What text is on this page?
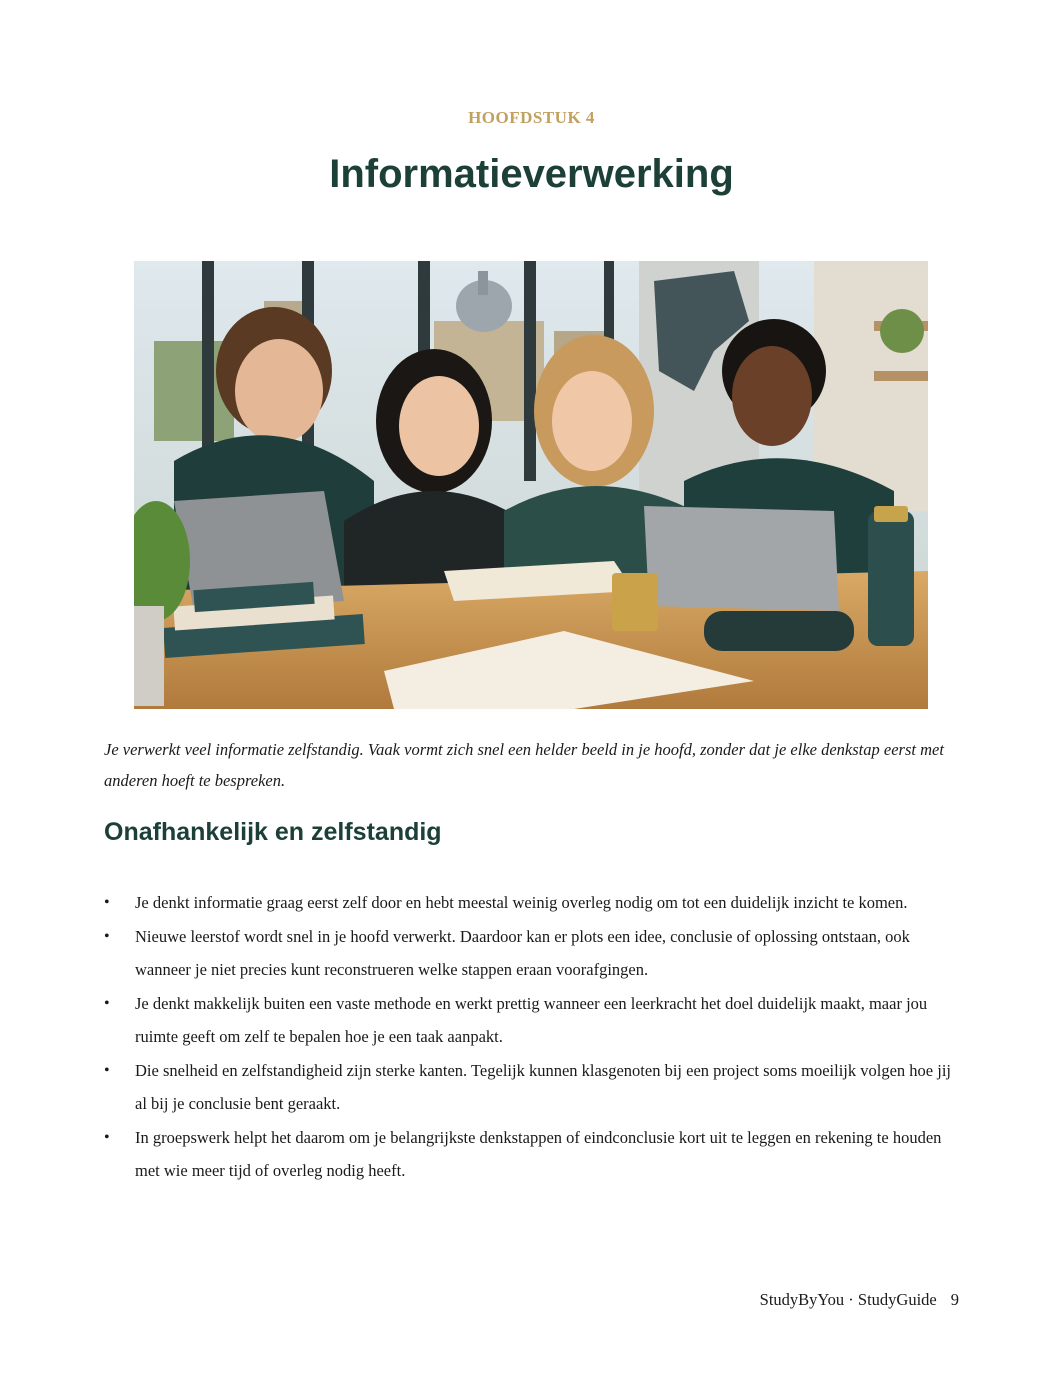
HOOFDSTUK 4
Informatieverwerking

Je verwerkt veel informatie zelfstandig. Vaak vormt zich snel een helder beeld in je hoofd, zonder dat je elke denkstap eerst met anderen hoeft te bespreken.

Onafhankelijk en zelfstandig
• Je denkt informatie graag eerst zelf door en hebt meestal weinig overleg nodig om tot een duidelijk inzicht te komen.
• Nieuwe leerstof wordt snel in je hoofd verwerkt. Daardoor kan er plots een idee, conclusie of oplossing ontstaan, ook wanneer je niet precies kunt reconstrueren welke stappen eraan voorafgingen.
• Je denkt makkelijk buiten een vaste methode en werkt prettig wanneer een leerkracht het doel duidelijk maakt, maar jou ruimte geeft om zelf te bepalen hoe je een taak aanpakt.
• Die snelheid en zelfstandigheid zijn sterke kanten. Tegelijk kunnen klasgenoten bij een project soms moeilijk volgen hoe jij al bij je conclusie bent geraakt.
• In groepswerk helpt het daarom om je belangrijkste denkstappen of eindconclusie kort uit te leggen en rekening te houden met wie meer tijd of overleg nodig heeft.
StudyByYou · StudyGuide 9
